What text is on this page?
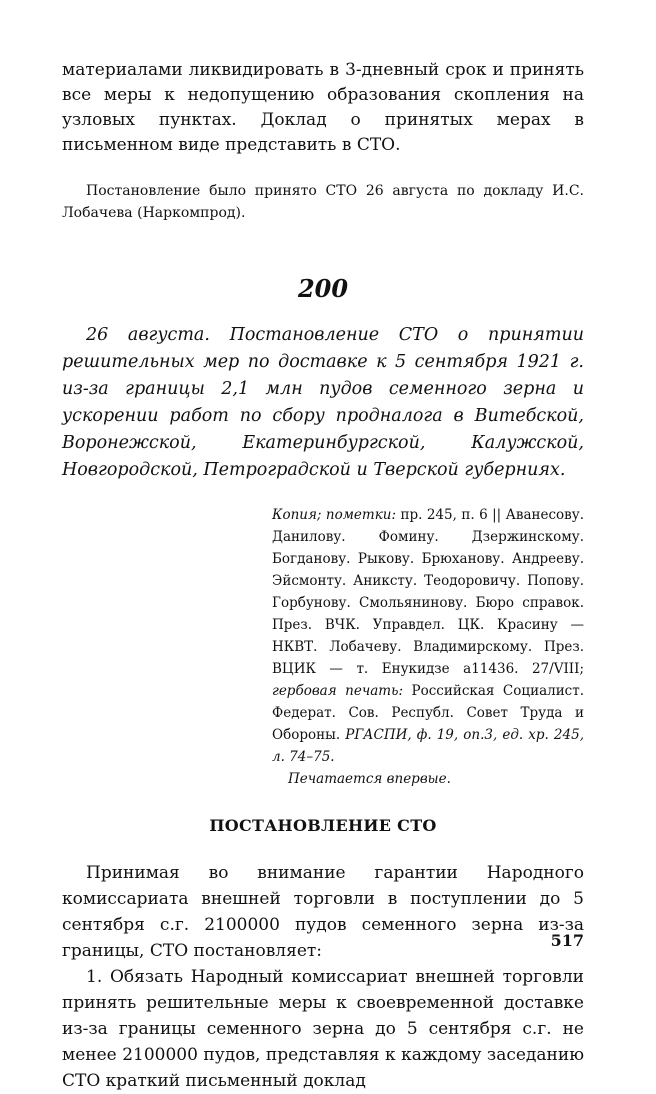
материалами ликвидировать в 3-дневный срок и принять все меры к недопущению образования скопления на узловых пунктах. Доклад о принятых мерах в письменном виде представить в СТО.

Постановление было принято СТО 26 августа по докладу И.С. Лобачева (Наркомпрод).

200

26 августа. Постановление СТО о принятии решительных мер по доставке к 5 сентября 1921 г. из-за границы 2,1 млн пудов семенного зерна и ускорении работ по сбору продналога в Витебской, Воронежской, Екатеринбургской, Калужской, Новгородской, Петроградской и Тверской губерниях.

Копия; пометки: пр. 245, п. 6 || Аванесову. Данилову. Фомину. Дзержинскому. Богданову. Рыкову. Брюханову. Андрееву. Эйсмонту. Аниксту. Теодоровичу. Попову. Горбунову. Смольянинову. Бюро справок. През. ВЧК. Управдел. ЦК. Красину — НКВТ. Лобачеву. Владимирскому. През. ВЦИК — т. Енукидзе а11436. 27/VIII; гербовая печать: Российская Социалист. Федерат. Сов. Республ. Совет Труда и Обороны. РГАСПИ, ф. 19, оп.3, ед. хр. 245, л. 74–75.

Печатается впервые.

ПОСТАНОВЛЕНИЕ СТО

Принимая во внимание гарантии Народного комиссариата внешней торговли в поступлении до 5 сентября с.г. 2100000 пудов семенного зерна из-за границы, СТО постановляет:

1. Обязать Народный комиссариат внешней торговли принять решительные меры к своевременной доставке из-за границы семенного зерна до 5 сентября с.г. не менее 2100000 пудов, представляя к каждому заседанию СТО краткий письменный доклад

517
